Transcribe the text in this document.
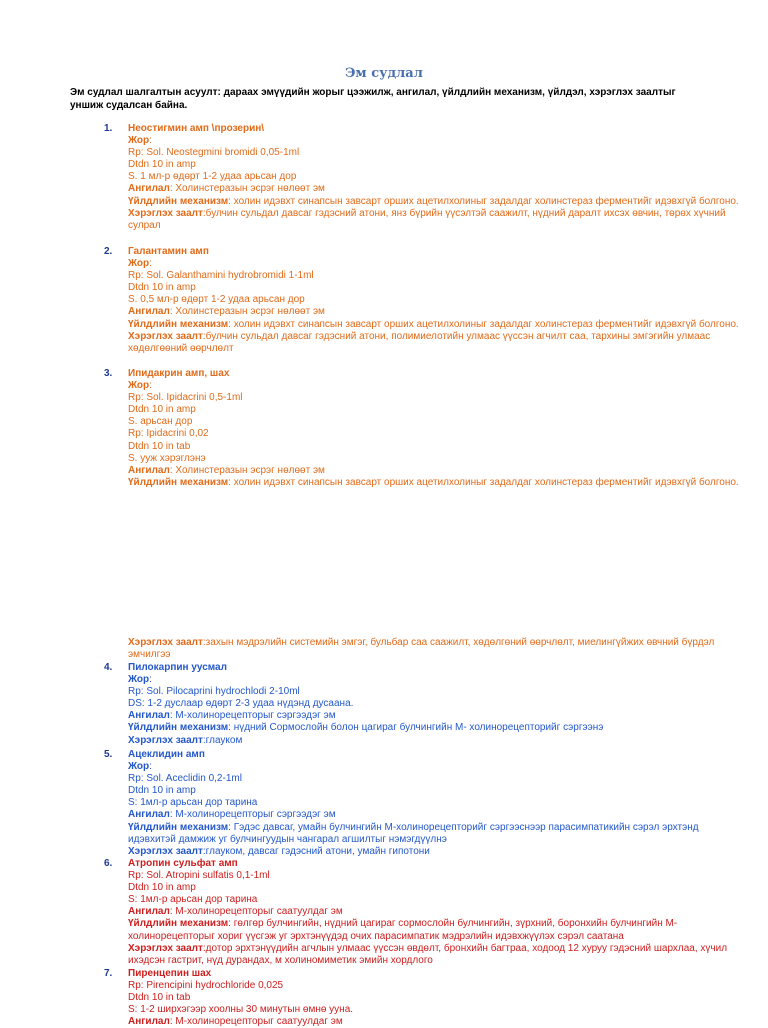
Эм судлал
Эм судлал шалгалтын асуулт: дараах эмүүдийн жорыг цээжилж, ангилал, үйлдлийн механизм, үйлдэл, хэрэглэх заалтыг уншиж судалсан байна.
1. Неостигмин амп \прозерин\
Жор:
Rp: Sol. Neostegmini bromidi 0,05-1ml
Dtdn 10 in amp
S. 1 мл-р өдөрт 1-2 удаа арьсан дор
Ангилал: Холинстеразын эсрэг нөлөөт эм
Үйлдлийн механизм: холин идэвхт синапсын завсарт орших ацетилхолиныг задалдаг холинстераз ферментийг идэвхгүй болгоно.
Хэрэглэх заалт:булчин сульдал давсаг гэдэсний атони, янз бүрийн үүсэлтэй саажилт, нүдний даралт ихсэх өвчин, төрөх хүчний сулрал
2. Галантамин амп
Жор:
Rp: Sol. Galanthamini hydrobromidi 1-1ml
Dtdn 10 in amp
S. 0,5 мл-р өдөрт 1-2 удаа арьсан дор
Ангилал: Холинстеразын эсрэг нөлөөт эм
Үйлдлийн механизм: холин идэвхт синапсын завсарт орших ацетилхолиныг задалдаг холинстераз ферментийг идэвхгүй болгоно.
Хэрэглэх заалт:булчин сульдал давсаг гэдэсний атони, полимиелотийн улмаас үүссэн агчилт саа, тархины эмгэгийн улмаас хөдөлгөөний өөрчлөлт
3. Ипидакрин амп, шах
Жор:
Rp: Sol. Ipidacrini 0,5-1ml
Dtdn 10 in amp
S. арьсан дор
Rp: Ipidacrini 0,02
Dtdn 10 in tab
S. ууж хэрэглэнэ
Ангилал: Холинстеразын эсрэг нөлөөт эм
Үйлдлийн механизм: холин идэвхт синапсын завсарт орших ацетилхолиныг задалдаг холинстераз ферментийг идэвхгүй болгоно.
Хэрэглэх заалт:захын мэдрэлийн системийн эмгэг, бульбар саа саажилт, хөдөлгөний өөрчлөлт, миелингүйжих өвчний бүрдэл эмчилгээ
4. Пилокарпин уусмал
Жор:
Rp: Sol. Pilocaprini hydrochlodi 2-10ml
DS: 1-2 дуслаар өдөрт 2-3 удаа нүдэнд дусаана.
Ангилал: М-холинорецепторыг сэргээдэг эм
Үйлдлийн механизм: нүдний Сормослойн болон цагираг булчингийн М- холинорецепторийг сэргээнэ
Хэрэглэх заалт:глауком
5. Ацеклидин амп
Жор:
Rp: Sol. Aceclidin 0,2-1ml
Dtdn 10 in amp
S: 1мл-р арьсан дор тарина
Ангилал: М-холинорецепторыг сэргээдэг эм
Үйлдлийн механизм: Гэдэс давсаг, умайн булчингийн М-холинорецепторийг сэргээснээр парасимпатикийн сэрэл эрхтэнд идэвхитэй дамжиж уг булчингуудын чангарал агшилтыг нэмэгдүүлнэ
Хэрэглэх заалт:глауком, давсаг гэдэсний атони, умайн гипотони
6. Атропин сульфат амп
Rp: Sol. Atropini sulfatis 0,1-1ml
Dtdn 10 in amp
S: 1мл-р арьсан дор тарина
Ангилал: М-холинорецепторыг саатуулдаг эм
Үйлдлийн механизм: гөлгөр булчингийн, нүдний цагираг сормослойн булчингийн, зүрхний, боронхийн булчингийн М- холинорецепторыг хориг үүсгэж уг эрхтэнүүдэд очих парасимпатик мэдрэлийн идэвхжүүлэх сэрэл саатана
Хэрэглэх заалт:дотор эрхтэнүүдийн агчлын улмаас үүссэн өвдөлт, бронхийн багтраа, ходоод 12 хуруу гэдэсний шархлаа, хүчил ихэдсэн гастрит, нүд дурандах, м холиномиметик эмийн хордлого
7. Пиренцепин шах
Rp: Pirencipini hydrochloride 0,025
Dtdn 10 in tab
S: 1-2 ширхэгээр хоолны 30 минутын өмнө ууна.
Ангилал: М-холинорецепторыг саатуулдаг эм
